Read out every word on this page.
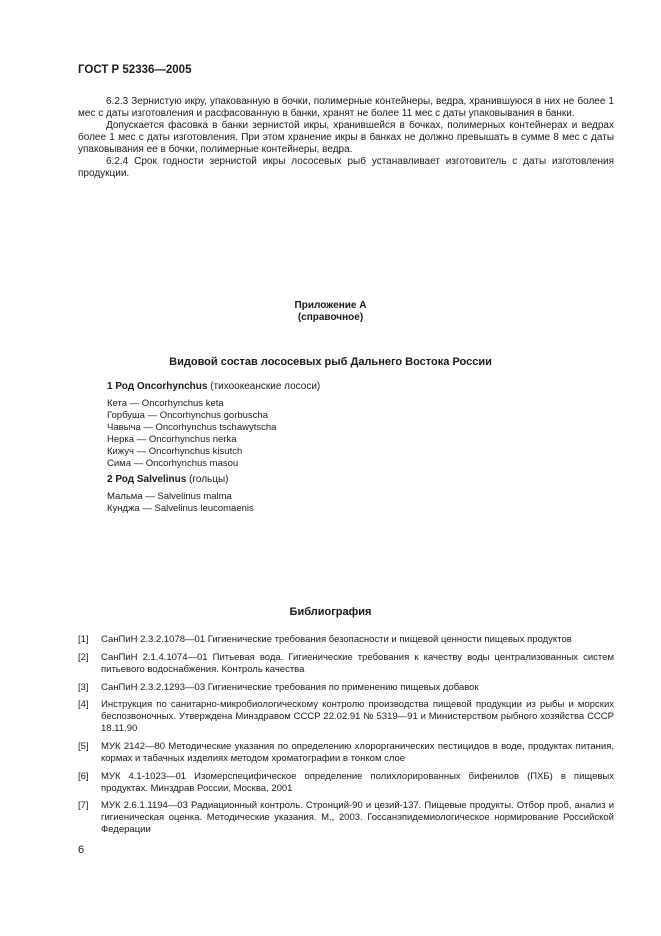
ГОСТ Р 52336—2005

6.2.3 Зернистую икру, упакованную в бочки, полимерные контейнеры, ведра, хранившуюся в них не более 1 мес с даты изготовления и расфасованную в банки, хранят не более 11 мес с даты упаковывания в банки.

Допускается фасовка в банки зернистой икры, хранившейся в бочках, полимерных контейнерах и ведрах более 1 мес с даты изготовления. При этом хранение икры в банках не должно превышать в сумме 8 мес с даты упаковывания ее в бочки, полимерные контейнеры, ведра.

6.2.4 Срок годности зернистой икры лососевых рыб устанавливает изготовитель с даты изготовления продукции.

Приложение А
(справочное)
Видовой состав лососевых рыб Дальнего Востока России
1 Род Oncorhynchus (тихоокеанские лососи)
Кета — Oncorhynchus keta
Горбуша — Oncorhynchus gorbuscha
Чавыча — Oncorhynchus tschawytscha
Нерка — Oncorhynchus nerka
Кижуч — Oncorhynchus kisutch
Сима — Oncorhynchus masou
2 Род Salvelinus (гольцы)
Мальма — Salvelinus malma
Кунджа — Salvelinus leucomaenis
Библиография
[1]	СанПиН 2.3.2.1078—01 Гигиенические требования безопасности и пищевой ценности пищевых продуктов
[2]	СанПиН 2.1.4.1074—01 Питьевая вода. Гигиенические требования к качеству воды централизованных систем питьевого водоснабжения. Контроль качества
[3]	СанПиН 2.3.2.1293—03 Гигиенические требования по применению пищевых добавок
[4]	Инструкция по санитарно-микробиологическому контролю производства пищевой продукции из рыбы и морских беспозвоночных. Утверждена Минздравом СССР 22.02.91 № 5319—91 и Министерством рыбного хозяйства СССР 18.11.90
[5]	МУК 2142—80 Методические указания по определению хлорорганических пестицидов в воде, продуктах питания, кормах и табачных изделиях методом хроматографии в тонком слое
[6]	МУК 4.1-1023—01 Изомерспецифическое определение полихлорированных бифенилов (ПХБ) в пищевых продуктах. Минздрав России, Москва, 2001
[7]	МУК 2.6.1.1194—03 Радиационный контроль. Стронций-90 и цезий-137. Пищевые продукты. Отбор проб, анализ и гигиеническая оценка. Методические указания. М., 2003. Госсанэпидемиологическое нормирование Российской Федерации
6
